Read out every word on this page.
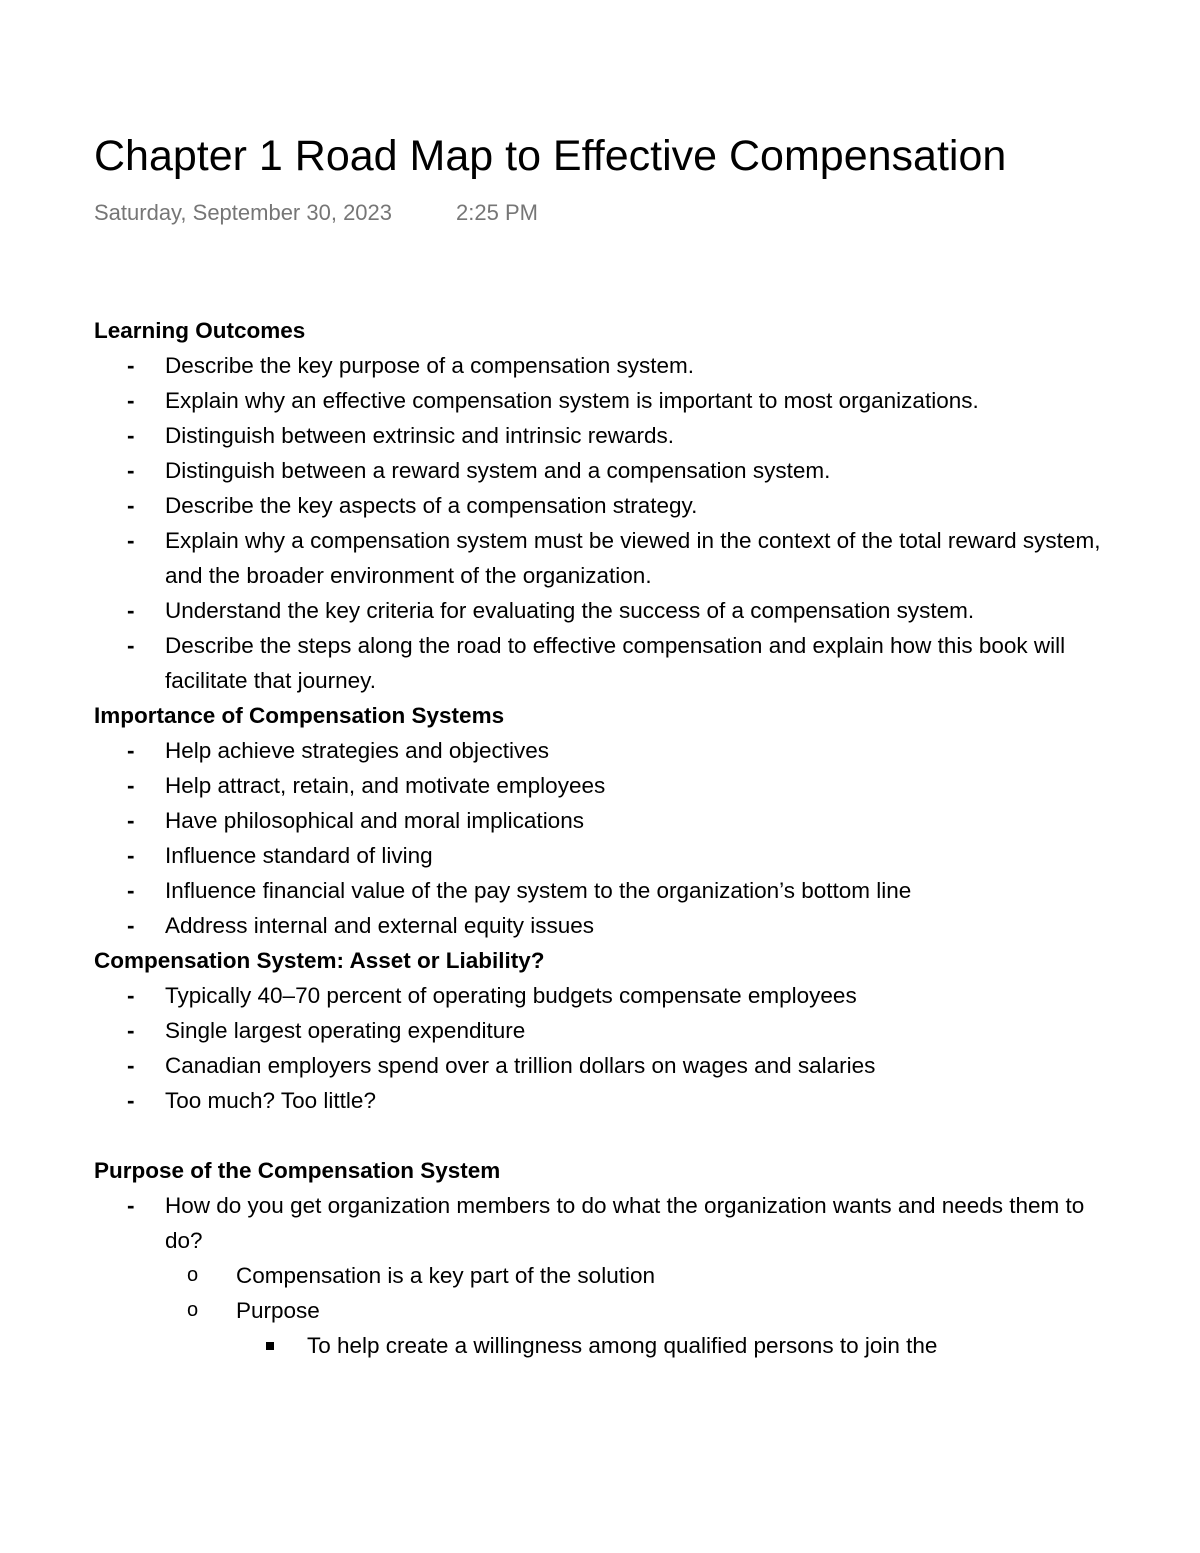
Chapter 1 Road Map to Effective Compensation
Saturday, September 30, 2023	2:25 PM
Learning Outcomes
- Describe the key purpose of a compensation system.
- Explain why an effective compensation system is important to most organizations.
- Distinguish between extrinsic and intrinsic rewards.
- Distinguish between a reward system and a compensation system.
- Describe the key aspects of a compensation strategy.
- Explain why a compensation system must be viewed in the context of the total reward system, and the broader environment of the organization.
- Understand the key criteria for evaluating the success of a compensation system.
- Describe the steps along the road to effective compensation and explain how this book will facilitate that journey.
Importance of Compensation Systems
- Help achieve strategies and objectives
- Help attract, retain, and motivate employees
- Have philosophical and moral implications
- Influence standard of living
- Influence financial value of the pay system to the organization’s bottom line
- Address internal and external equity issues
Compensation System: Asset or Liability?
- Typically 40–70 percent of operating budgets compensate employees
- Single largest operating expenditure
- Canadian employers spend over a trillion dollars on wages and salaries
- Too much? Too little?
Purpose of the Compensation System
- How do you get organization members to do what the organization wants and needs them to do?
o Compensation is a key part of the solution
o Purpose
To help create a willingness among qualified persons to join the
